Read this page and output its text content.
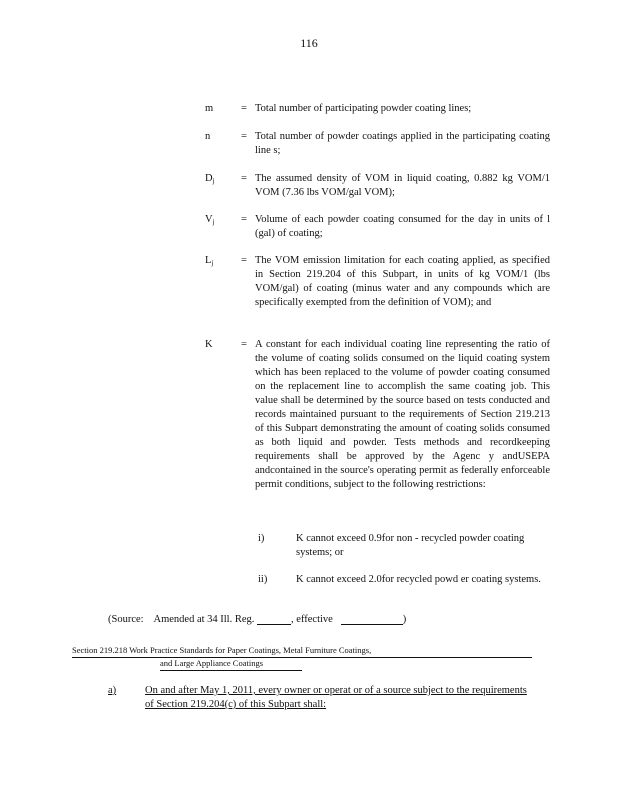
116
m	= Total number of participating powder coating lines;
n	= Total number of powder coatings applied in the participating coating line s;
$D_j$	= The assumed density of VOM in liquid coating, 0.882 kg VOM/1 VOM (7.36 lbs VOM/gal VOM);
$V_j$	= Volume of each powder coating consumed for the day in units of l (gal) of coating;
$L_j$	= The VOM emission limitation for each coating applied, as specified in Section 219.204 of this Subpart, in units of kg VOM/1 (lbs VOM/gal) of coating (minus water and any compounds which are specifically exempted from the definition of VOM); and
K	= A constant for each individual coating line representing the ratio of the volume of coating solids consumed on the liquid coating system which has been replaced to the volume of powder coating consumed on the replacement line to accomplish the same coating job. This value shall be determined by the source based on tests conducted and records maintained pursuant to the requirements of Section 219.213 of this Subpart demonstrating the amount of coating solids consumed as both liquid and powder. Tests methods and recordkeeping requirements shall be approved by the Agenc y andUSEPA andcontained in the source's operating permit as federally enforceable permit conditions, subject to the following restrictions:
i)	K cannot exceed 0.9for non - recycled powder coating systems; or
ii)	K cannot exceed 2.0for recycled powd er coating systems.
(Source: Amended at 34 Ill. Reg.	, effective	)
Section 219.218 Work Practice Standards for Paper Coatings, Metal Furniture Coatings,
and Large Appliance Coatings
a)	On and after May 1, 2011, every owner or operat or of a source subject to the requirements of Section 219.204(c) of this Subpart shall:
